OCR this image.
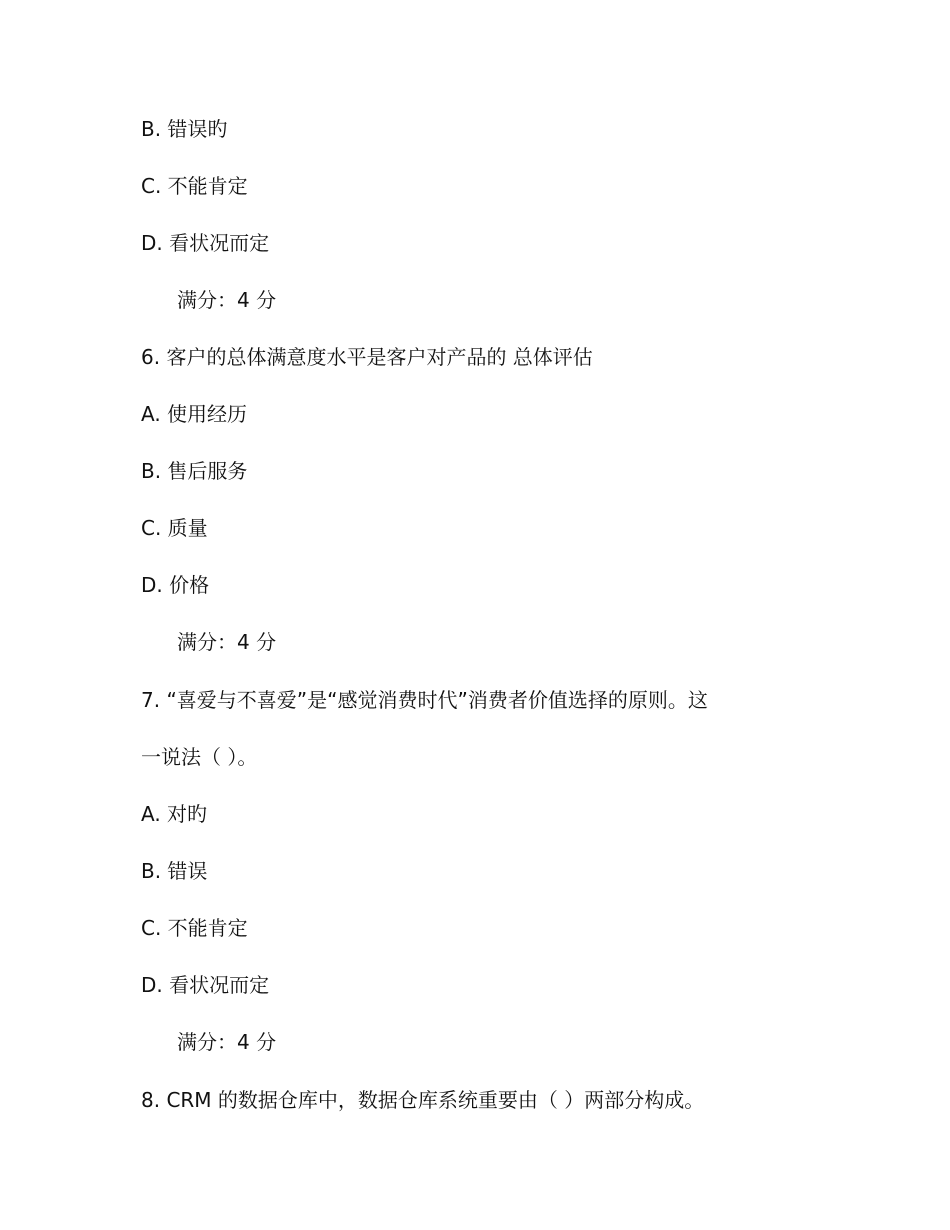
B. 错误旳
C. 不能肯定
D. 看状况而定
满分：4 分
6. 客户的总体满意度水平是客户对产品的 总体评估
A. 使用经历
B. 售后服务
C. 质量
D. 价格
满分：4 分
7. “喜爱与不喜爱”是“感觉消费时代”消费者价值选择的原则。这
一说法（ ）。
A. 对旳
B. 错误
C. 不能肯定
D. 看状况而定
满分：4 分
8. CRM 的数据仓库中，数据仓库系统重要由（ ）两部分构成。
